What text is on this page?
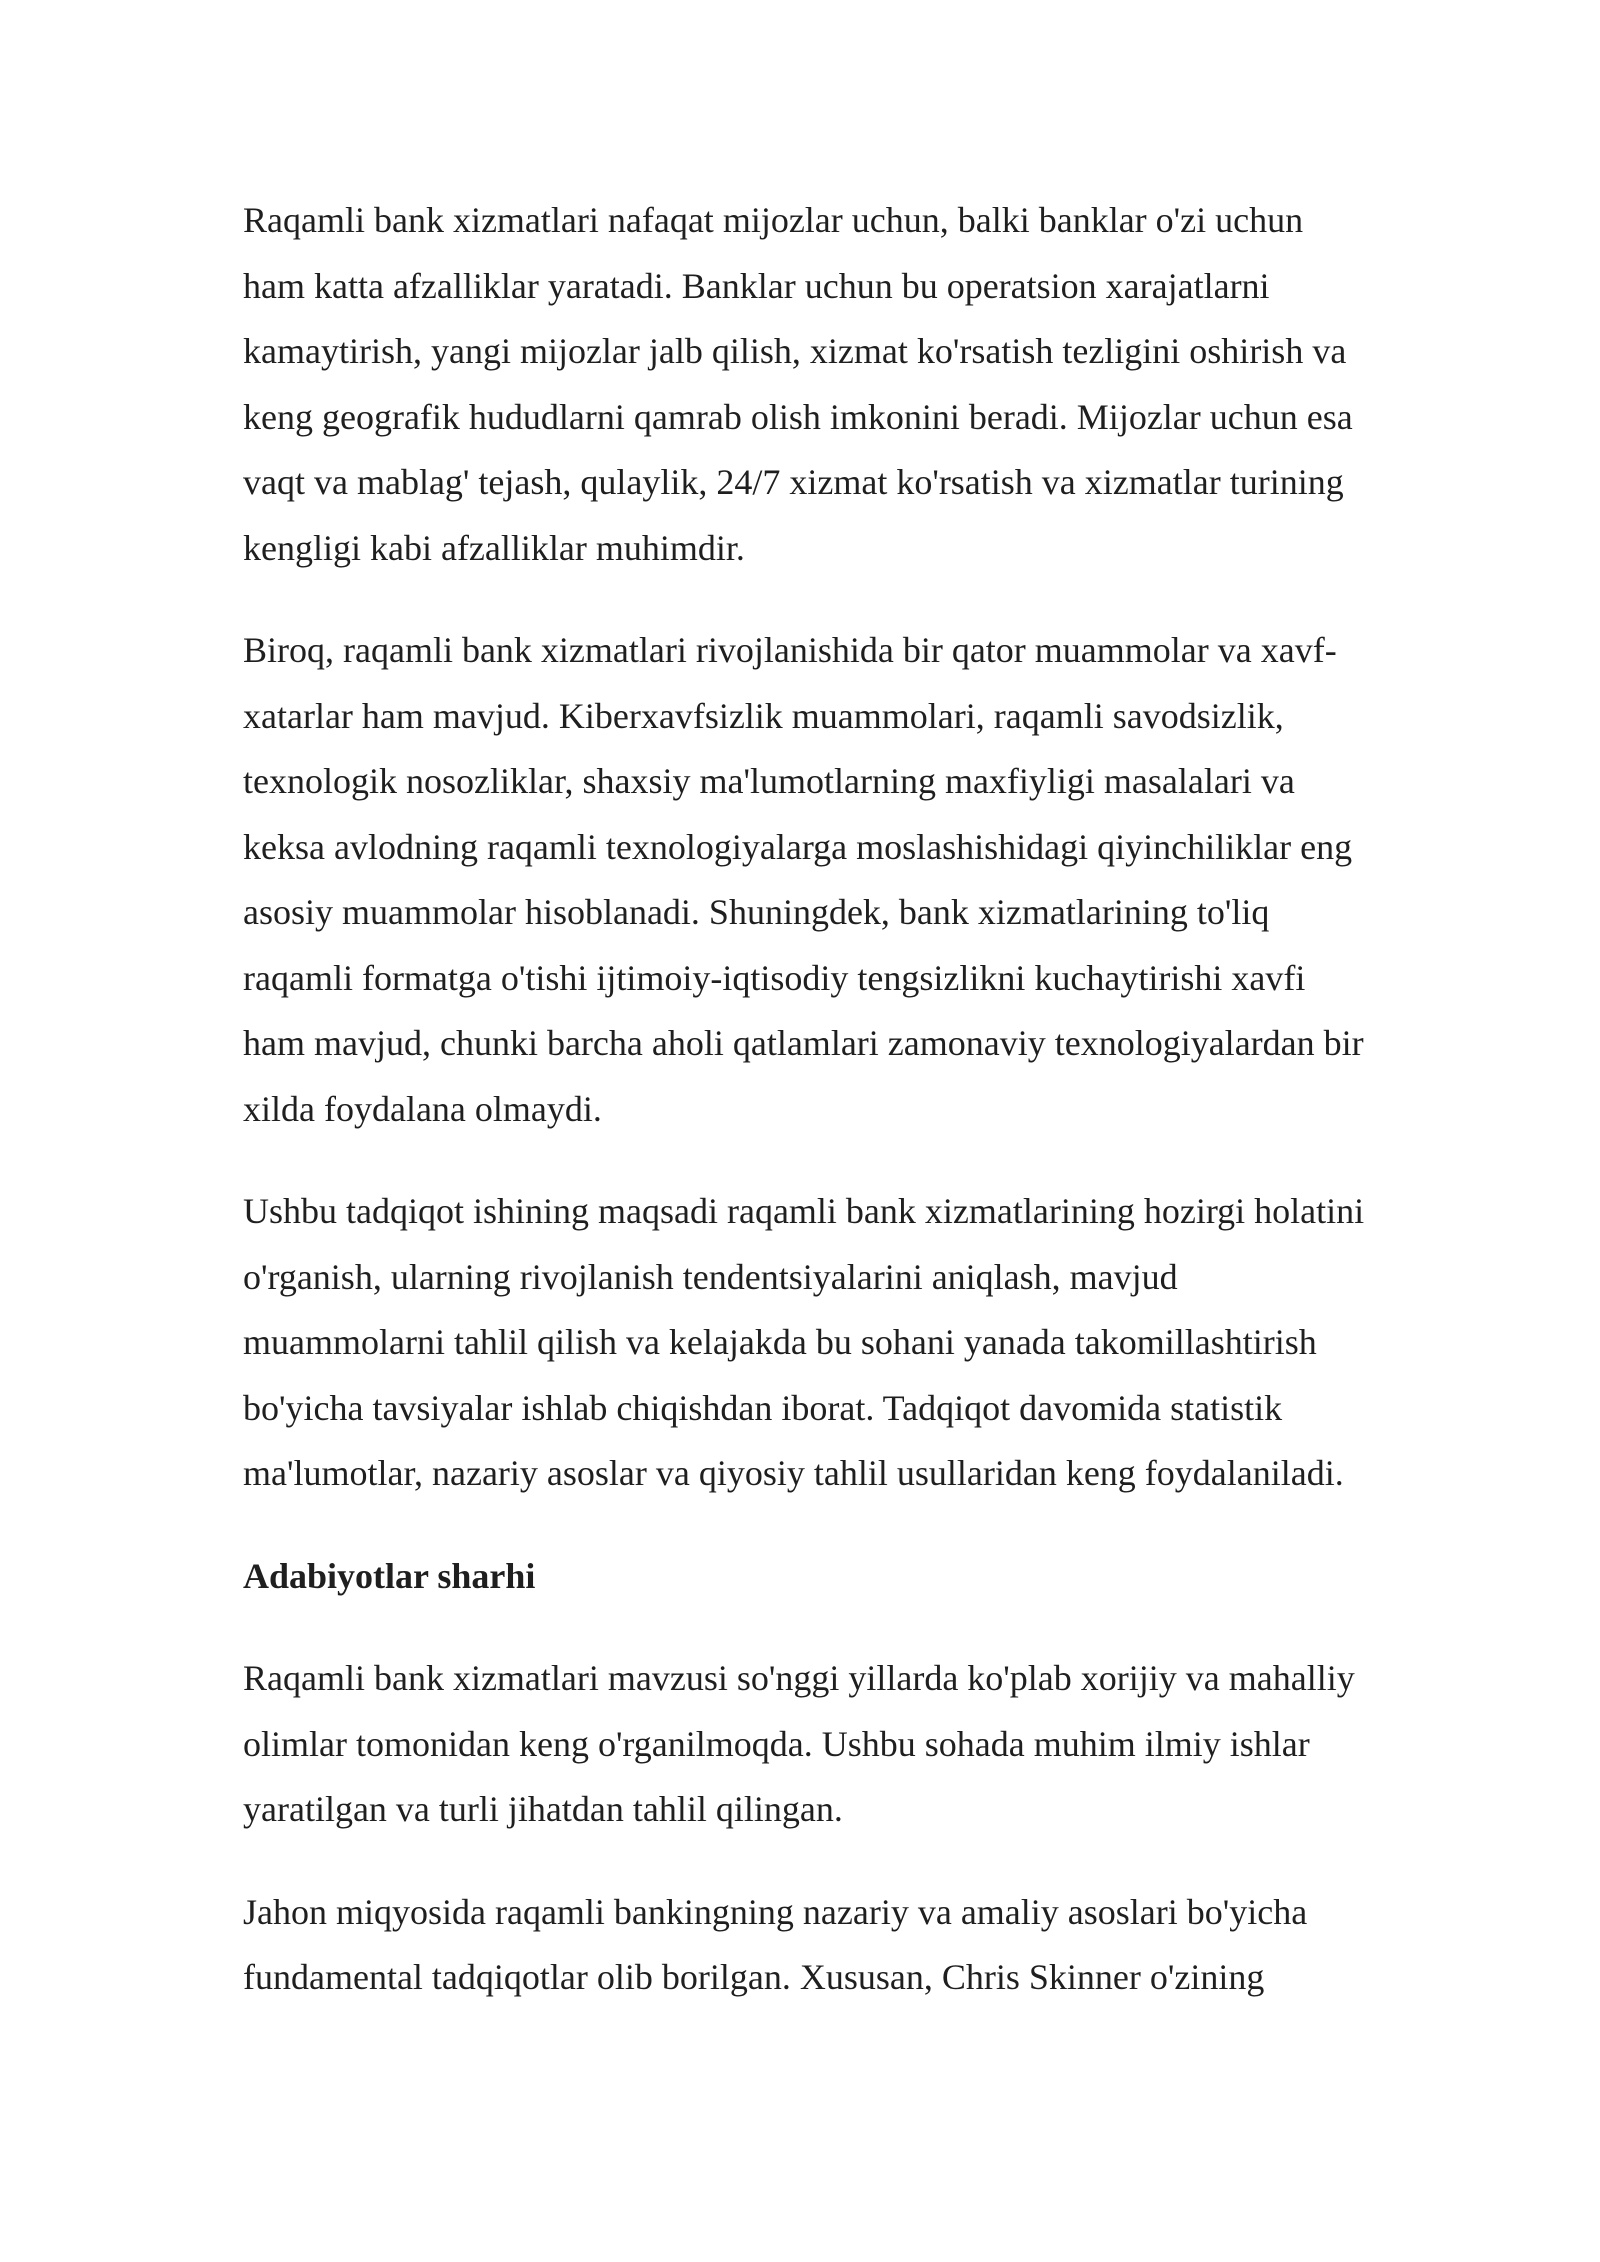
Raqamli bank xizmatlari nafaqat mijozlar uchun, balki banklar o'zi uchun ham katta afzalliklar yaratadi. Banklar uchun bu operatsion xarajatlarni kamaytirish, yangi mijozlar jalb qilish, xizmat ko'rsatish tezligini oshirish va keng geografik hududlarni qamrab olish imkonini beradi. Mijozlar uchun esa vaqt va mablag' tejash, qulaylik, 24/7 xizmat ko'rsatish va xizmatlar turining kengligi kabi afzalliklar muhimdir.

Biroq, raqamli bank xizmatlari rivojlanishida bir qator muammolar va xavf-xatarlar ham mavjud. Kiberxavfsizlik muammolari, raqamli savodsizlik, texnologik nosozliklar, shaxsiy ma'lumotlarning maxfiyligi masalalari va keksa avlodning raqamli texnologiyalarga moslashishidagi qiyinchiliklar eng asosiy muammolar hisoblanadi. Shuningdek, bank xizmatlarining to'liq raqamli formatga o'tishi ijtimoiy-iqtisodiy tengsizlikni kuchaytirishi xavfi ham mavjud, chunki barcha aholi qatlamlari zamonaviy texnologiyalardan bir xilda foydalana olmaydi.

Ushbu tadqiqot ishining maqsadi raqamli bank xizmatlarining hozirgi holatini o'rganish, ularning rivojlanish tendentsiyalarini aniqlash, mavjud muammolarni tahlil qilish va kelajakda bu sohani yanada takomillashtirish bo'yicha tavsiyalar ishlab chiqishdan iborat. Tadqiqot davomida statistik ma'lumotlar, nazariy asoslar va qiyosiy tahlil usullaridan keng foydalaniladi.

Adabiyotlar sharhi

Raqamli bank xizmatlari mavzusi so'nggi yillarda ko'plab xorijiy va mahalliy olimlar tomonidan keng o'rganilmoqda. Ushbu sohada muhim ilmiy ishlar yaratilgan va turli jihatdan tahlil qilingan.

Jahon miqyosida raqamli bankingning nazariy va amaliy asoslari bo'yicha fundamental tadqiqotlar olib borilgan. Xususan, Chris Skinner o'zining
